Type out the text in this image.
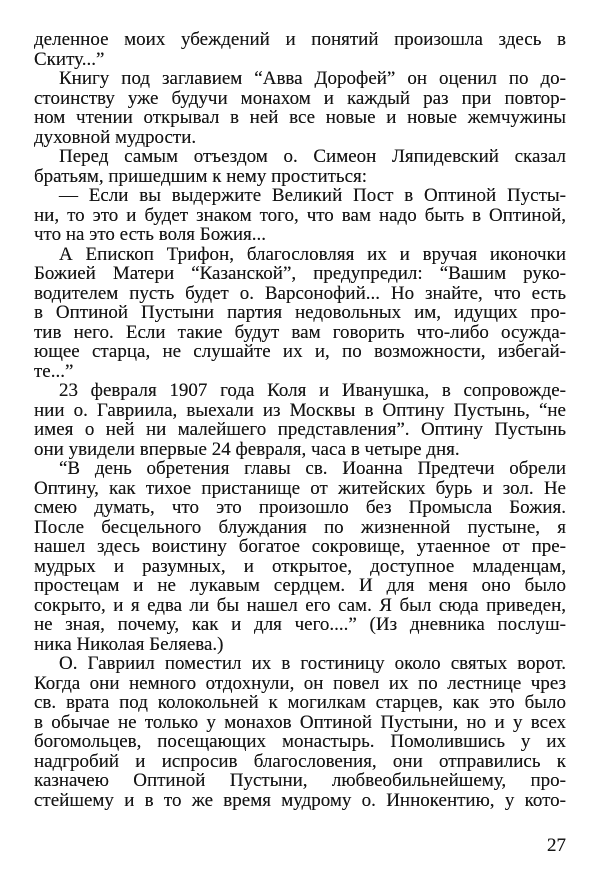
деленное моих убеждений и понятий произошла здесь в
Скиту...”
Книгу под заглавием “Авва Дорофей” он оценил по до-
стоинству уже будучи монахом и каждый раз при повтор-
ном чтении открывал в ней все новые и новые жемчужины
духовной мудрости.
Перед самым отъездом о. Симеон Ляпидевский сказал
братьям, пришедшим к нему проститься:
— Если вы выдержите Великий Пост в Оптиной Пусты-
ни, то это и будет знаком того, что вам надо быть в Оптиной,
что на это есть воля Божия...
А Епископ Трифон, благословляя их и вручая иконочки
Божией Матери “Казанской”, предупредил: “Вашим руко-
водителем пусть будет о. Варсонофий... Но знайте, что есть
в Оптиной Пустыни партия недовольных им, идущих про-
тив него. Если такие будут вам говорить что-либо осужда-
ющее старца, не слушайте их и, по возможности, избегай-
те...”
23 февраля 1907 года Коля и Иванушка, в сопровожде-
нии о. Гавриила, выехали из Москвы в Оптину Пустынь, “не
имея о ней ни малейшего представления”. Оптину Пустынь
они увидели впервые 24 февраля, часа в четыре дня.
“В день обретения главы св. Иоанна Предтечи обрели
Оптину, как тихое пристанище от житейских бурь и зол. Не
смею думать, что это произошло без Промысла Божия.
После бесцельного блуждания по жизненной пустыне, я
нашел здесь воистину богатое сокровище, утаенное от пре-
мудрых и разумных, и открытое, доступное младенцам,
простецам и не лукавым сердцем. И для меня оно было
сокрыто, и я едва ли бы нашел его сам. Я был сюда приведен,
не зная, почему, как и для чего....” (Из дневника послуш-
ника Николая Беляева.)
О. Гавриил поместил их в гостиницу около святых ворот.
Когда они немного отдохнули, он повел их по лестнице чрез
св. врата под колокольней к могилкам старцев, как это было
в обычае не только у монахов Оптиной Пустыни, но и у всех
богомольцев, посещающих монастырь. Помолившись у их
надгробий и испросив благословения, они отправились к
казначею Оптиной Пустыни, любвеобильнейшему, про-
стейшему и в то же время мудрому о. Иннокентию, у кото-
27
